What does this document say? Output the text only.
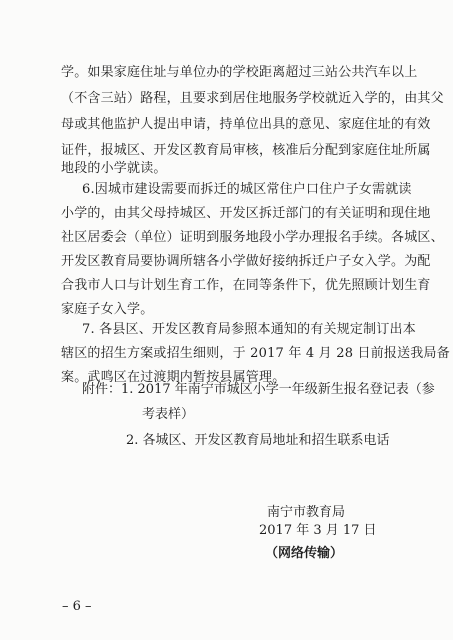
学。如果家庭住址与单位办的学校距离超过三站公共汽车以上
（不含三站）路程，且要求到居住地服务学校就近入学的，由其父
母或其他监护人提出申请，持单位出具的意见、家庭住址的有效
证件，报城区、开发区教育局审核，核准后分配到家庭住址所属
地段的小学就读。
6.因城市建设需要而拆迁的城区常住户口住户子女需就读
小学的，由其父母持城区、开发区拆迁部门的有关证明和现住地
社区居委会（单位）证明到服务地段小学办理报名手续。各城区、
开发区教育局要协调所辖各小学做好接纳拆迁户子女入学。为配
合我市人口与计划生育工作，在同等条件下，优先照顾计划生育
家庭子女入学。
7. 各县区、开发区教育局参照本通知的有关规定制订出本
辖区的招生方案或招生细则，于 2017 年 4 月 28 日前报送我局备
案。武鸣区在过渡期内暂按县属管理。
附件：1. 2017 年南宁市城区小学一年级新生报名登记表（参
考表样）
2. 各城区、开发区教育局地址和招生联系电话
南宁市教育局
2017 年 3 月 17 日
（网络传输）
– 6 –
